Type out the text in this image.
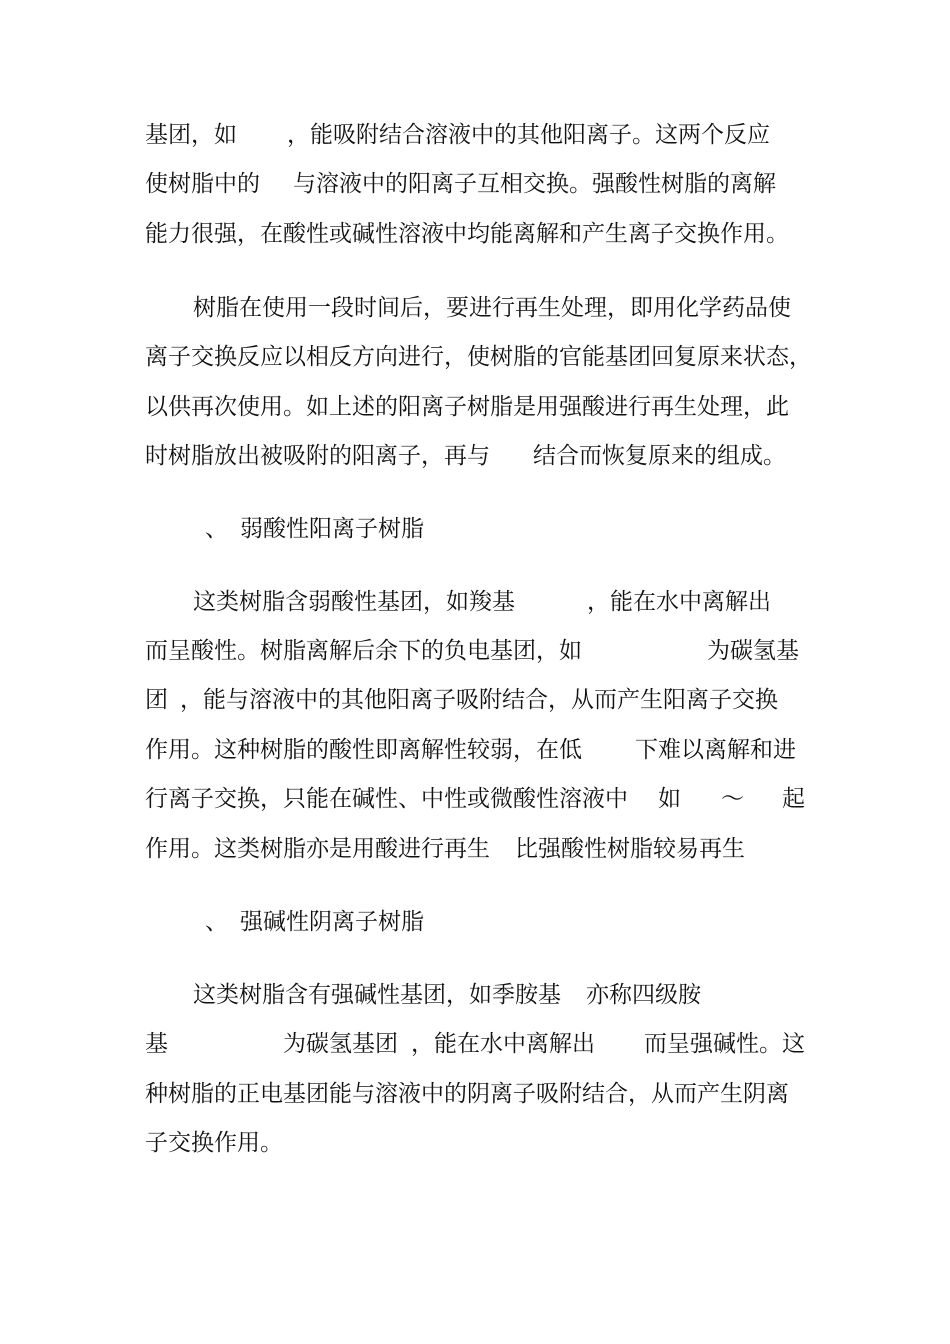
基团，如 ，能吸附结合溶液中的其他阳离子。这两个反应
使树脂中的 与溶液中的阳离子互相交换。强酸性树脂的离解
能力很强，在酸性或碱性溶液中均能离解和产生离子交换作用。
树脂在使用一段时间后，要进行再生处理，即用化学药品使
离子交换反应以相反方向进行，使树脂的官能基团回复原来状态，
以供再次使用。如上述的阳离子树脂是用强酸进行再生处理，此
时树脂放出被吸附的阳离子，再与 结合而恢复原来的组成。
、 弱酸性阳离子树脂
这类树脂含弱酸性基团，如羧基	，能在水中离解出
而呈酸性。树脂离解后余下的负电基团，如	为碳氢基
团 ，能与溶液中的其他阳离子吸附结合，从而产生阳离子交换
作用。这种树脂的酸性即离解性较弱，在低 下难以离解和进
行离子交换，只能在碱性、中性或微酸性溶液中 如 ～ 起
作用。这类树脂亦是用酸进行再生 比强酸性树脂较易再生
、 强碱性阴离子树脂
这类树脂含有强碱性基团，如季胺基 亦称四级胺
基	为碳氢基团 ，能在水中离解出 而呈强碱性。这
种树脂的正电基团能与溶液中的阴离子吸附结合，从而产生阴离
子交换作用。
